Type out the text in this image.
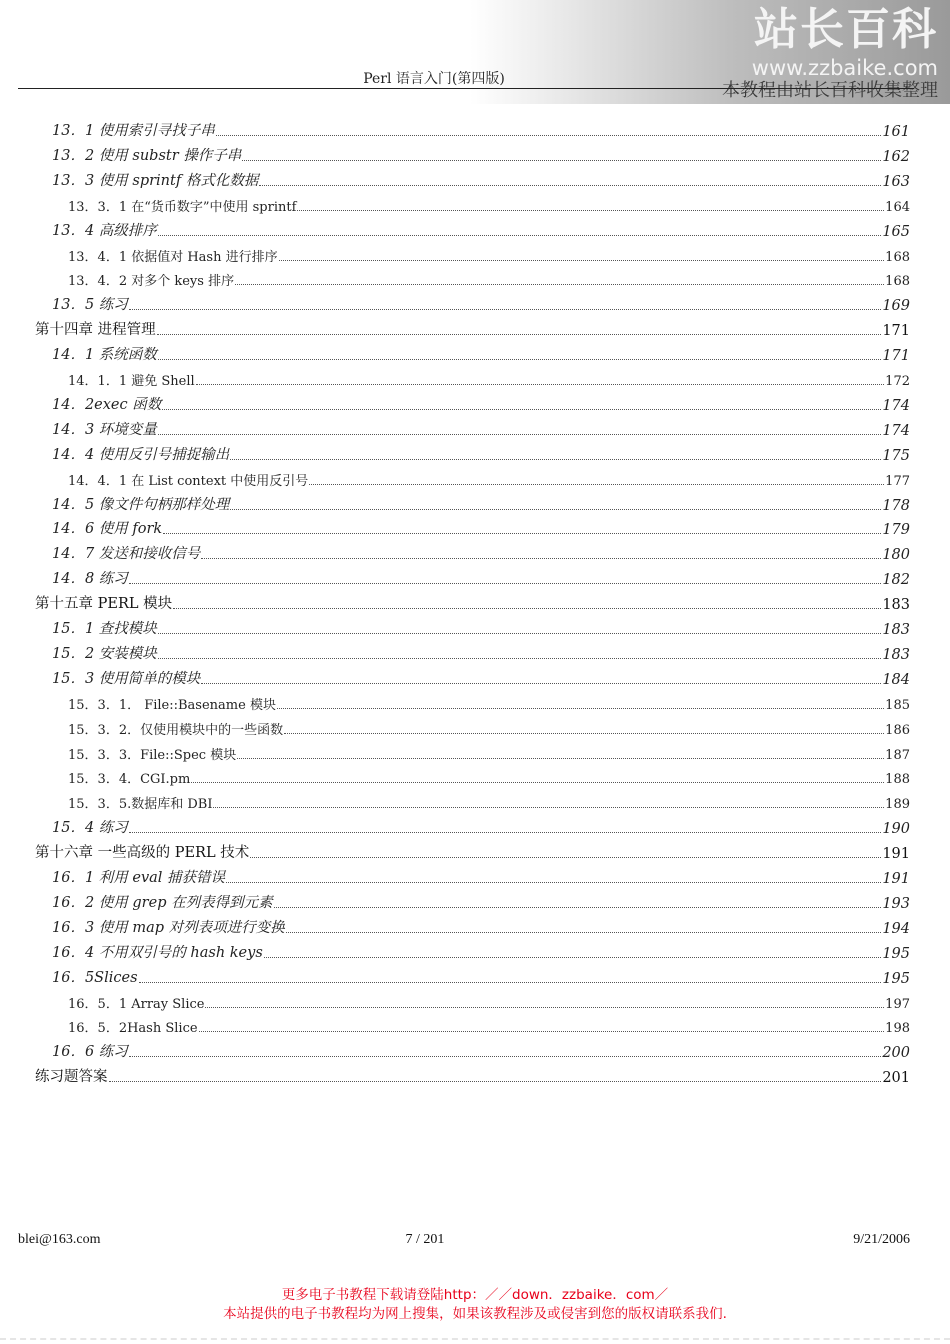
站长百科
www.zzbaike.com
本教程由站长百科收集整理
Perl 语言入门(第四版)
13．1 使用索引寻找子串	161
13．2 使用 substr 操作子串	162
13．3 使用 sprintf 格式化数据	163
13．3．1 在“货币数字”中使用 sprintf	164
13．4 高级排序	165
13．4．1 依据值对 Hash 进行排序	168
13．4．2 对多个 keys 排序	168
13．5 练习	169
第十四章 进程管理	171
14．1 系统函数	171
14．1．1 避免 Shell	172
14．2exec 函数	174
14．3 环境变量	174
14．4 使用反引号捕捉输出	175
14．4．1 在 List context 中使用反引号	177
14．5 像文件句柄那样处理	178
14．6 使用 fork	179
14．7 发送和接收信号	180
14．8 练习	182
第十五章 PERL 模块	183
15．1 查找模块	183
15．2 安装模块	183
15．3 使用简单的模块	184
15．3．1． File::Basename 模块	185
15．3．2．仅使用模块中的一些函数	186
15．3．3．File::Spec 模块	187
15．3．4．CGI.pm	188
15．3．5.数据库和 DBI	189
15．4 练习	190
第十六章 一些高级的 PERL 技术	191
16．1 利用 eval 捕获错误	191
16．2 使用 grep 在列表得到元素	193
16．3 使用 map 对列表项进行变换	194
16．4 不用双引号的 hash keys	195
16．5Slices	195
16．5．1 Array Slice	197
16．5．2Hash Slice	198
16．6 练习	200
练习题答案	201
blei@163.com	7 / 201	9/21/2006
更多电子书教程下载请登陆http：／／down．zzbaike．com／
本站提供的电子书教程均为网上搜集，如果该教程涉及或侵害到您的版权请联系我们.
